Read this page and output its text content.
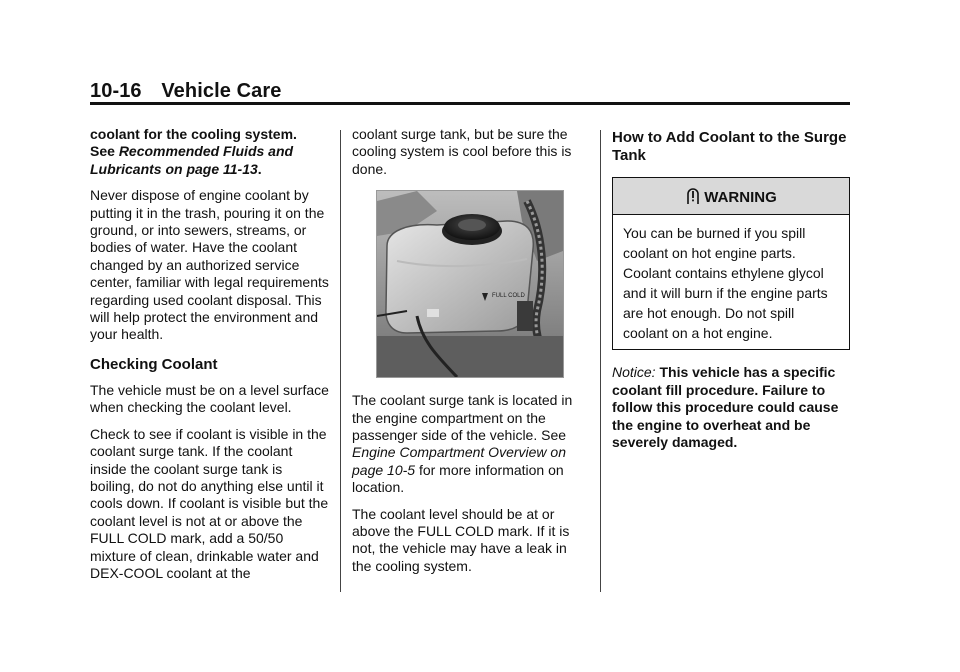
10-16 Vehicle Care

coolant for the cooling system.
See Recommended Fluids and Lubricants on page 11-13.

Never dispose of engine coolant by putting it in the trash, pouring it on the ground, or into sewers, streams, or bodies of water. Have the coolant changed by an authorized service center, familiar with legal requirements regarding used coolant disposal. This will help protect the environment and your health.

Checking Coolant

The vehicle must be on a level surface when checking the coolant level.

Check to see if coolant is visible in the coolant surge tank. If the coolant inside the coolant surge tank is boiling, do not do anything else until it cools down. If coolant is visible but the coolant level is not at or above the FULL COLD mark, add a 50/50 mixture of clean, drinkable water and DEX-COOL coolant at the

coolant surge tank, but be sure the cooling system is cool before this is done.

FULL COLD

The coolant surge tank is located in the engine compartment on the passenger side of the vehicle. See Engine Compartment Overview on page 10-5 for more information on location.

The coolant level should be at or above the FULL COLD mark. If it is not, the vehicle may have a leak in the cooling system.

How to Add Coolant to the Surge Tank
WARNING

You can be burned if you spill coolant on hot engine parts. Coolant contains ethylene glycol and it will burn if the engine parts are hot enough. Do not spill coolant on a hot engine.

Notice: This vehicle has a specific coolant fill procedure. Failure to follow this procedure could cause the engine to overheat and be severely damaged.
